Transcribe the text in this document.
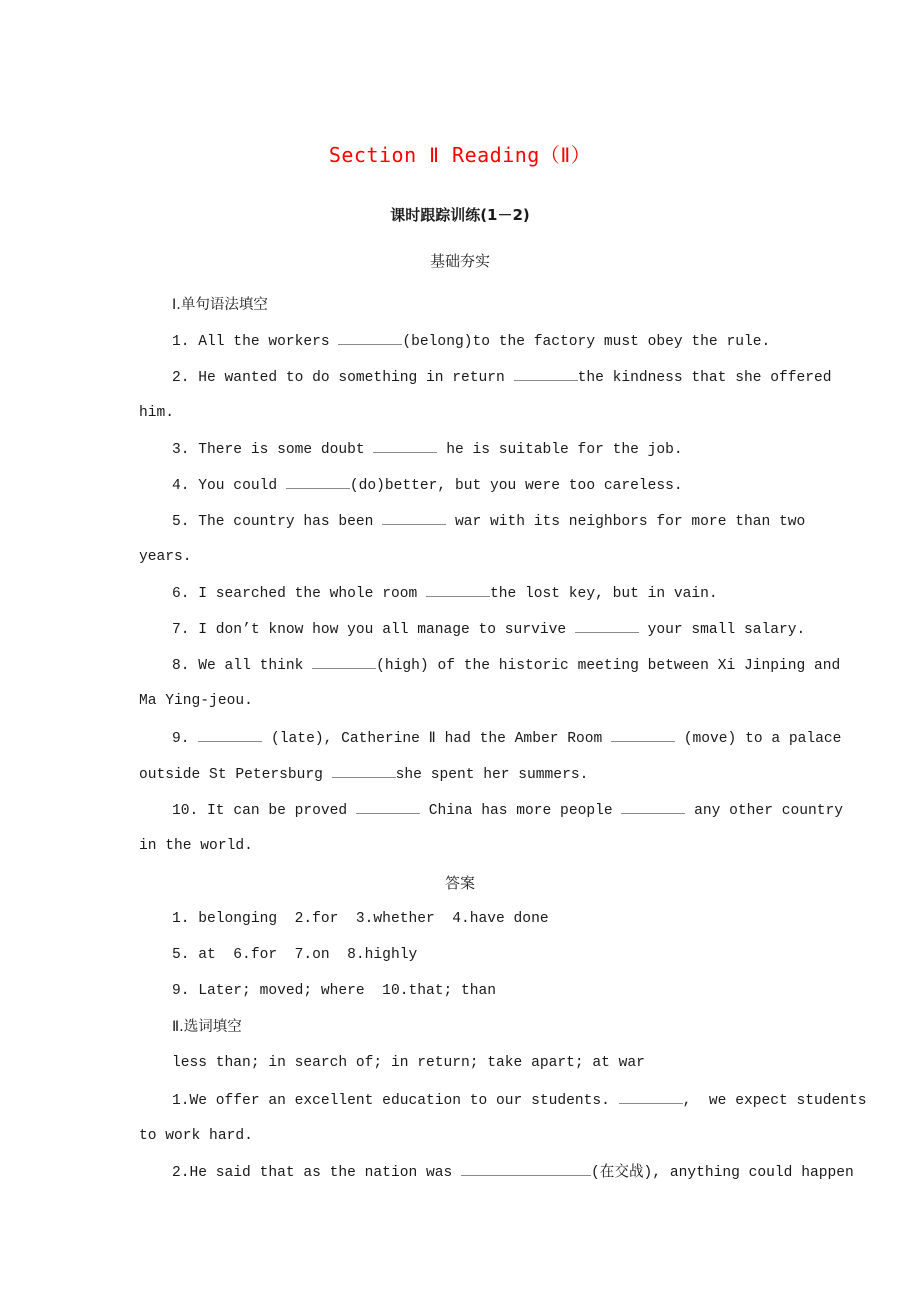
Section Ⅱ Reading（Ⅱ）
课时跟踪训练(1－2)
基础夯实
Ⅰ.单句语法填空
1. All the workers	(belong)to the factory must obey the rule.
2. He wanted to do something in return	the kindness that she offered
him.
3. There is some doubt	he is suitable for the job.
4. You could	(do)better, but you were too careless.
5. The country has been	war with its neighbors for more than two
years.
6. I searched the whole room	the lost key, but in vain.
7. I don’t know how you all manage to survive	your small salary.
8. We all think	(high) of the historic meeting between Xi Jinping and
Ma Ying-jeou.
9.	(late), Catherine Ⅱ had the Amber Room	(move) to a palace
outside St Petersburg	she spent her summers.
10. It can be proved	China has more people	any other country
in the world.
答案
1. belonging  2.for  3.whether  4.have done
5. at  6.for  7.on  8.highly
9. Later; moved; where  10.that; than
Ⅱ.选词填空
less than; in search of; in return; take apart; at war
1.We offer an excellent education to our students.	,  we expect students
to work hard.
2.He said that as the nation was	(在交战), anything could happen
